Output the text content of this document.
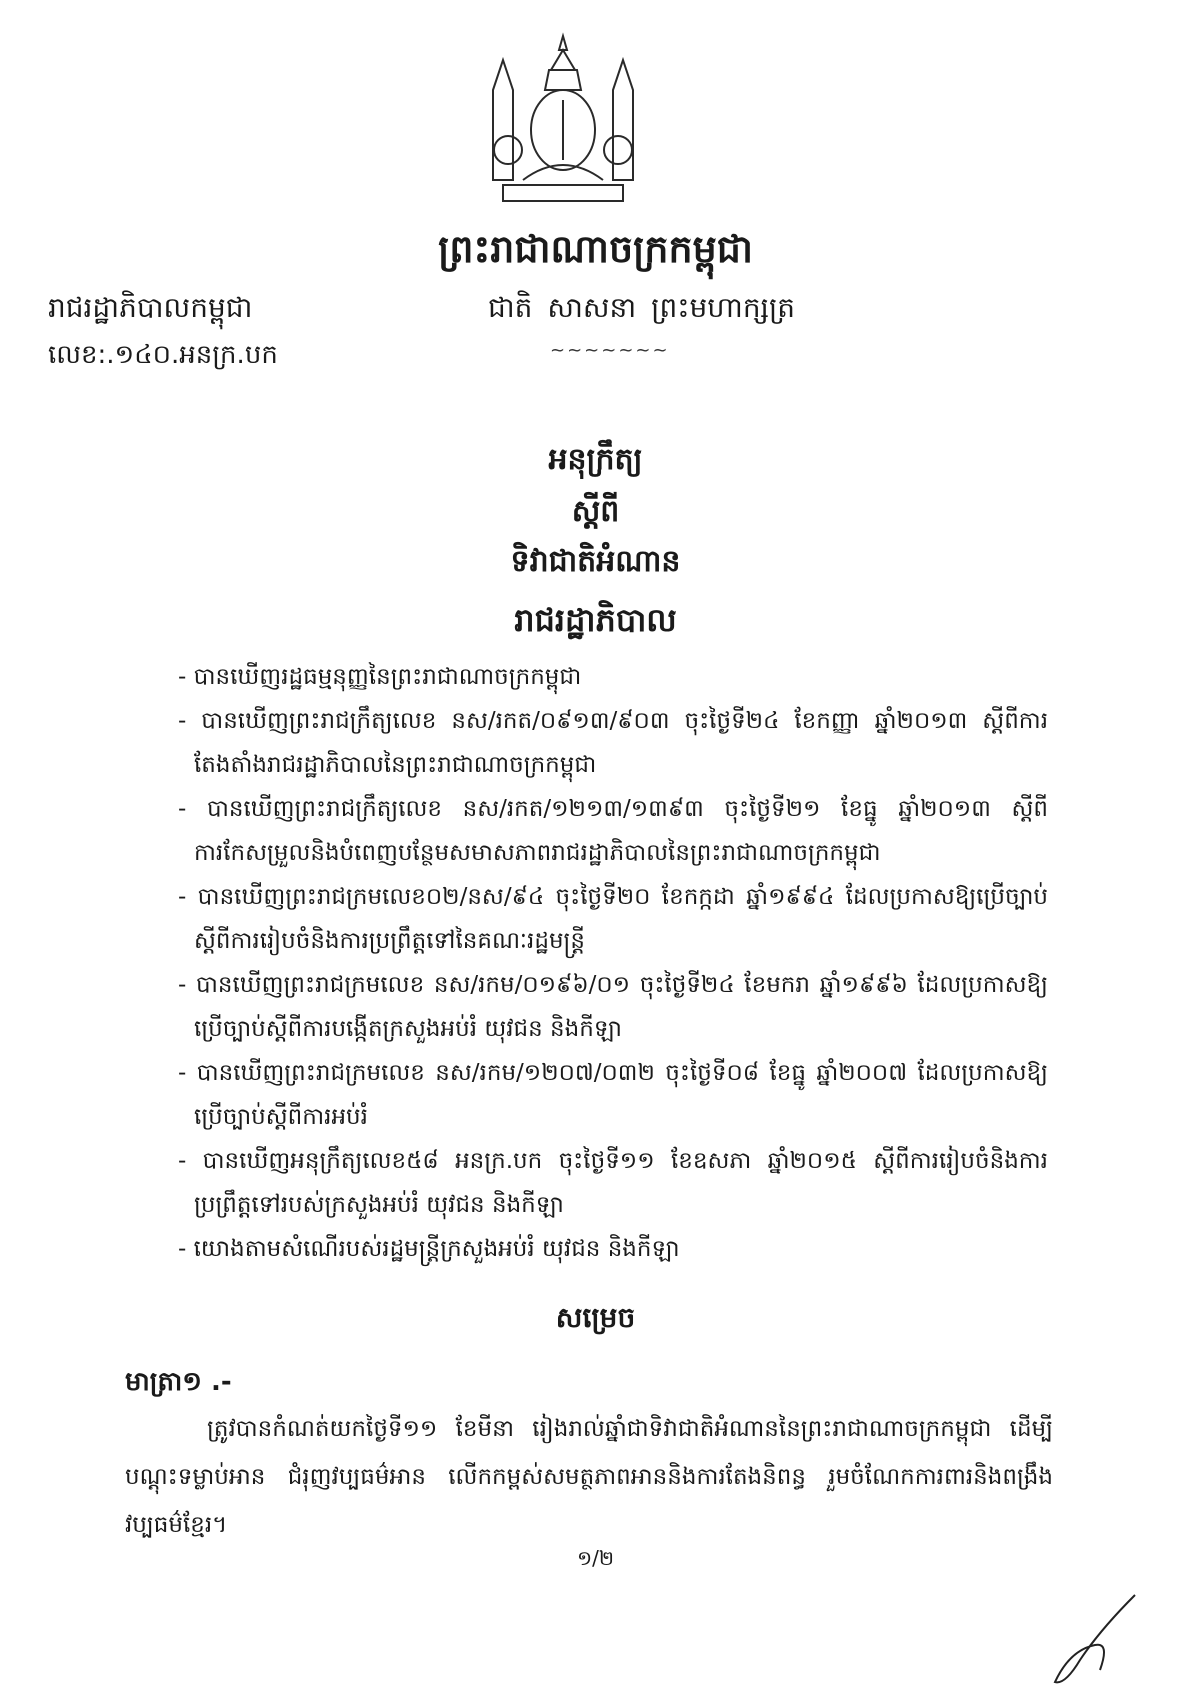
ព្រះរាជាណាចក្រកម្ពុជា
រាជរដ្ឋាភិបាលកម្ពុជា	ជាតិ សាសនា ព្រះមហាក្សត្រ
លេខ:.១៤០.អនក្រ.បក	~~~~~~~
អនុក្រឹត្យ
ស្តីពី
ទិវាជាតិអំណាន
រាជរដ្ឋាភិបាល
- បានឃើញរដ្ឋធម្មនុញ្ញនៃព្រះរាជាណាចក្រកម្ពុជា
- បានឃើញព្រះរាជក្រឹត្យលេខ នស/រកត/០៩១៣/៩០៣ ចុះថ្ងៃទី២៤ ខែកញ្ញា ឆ្នាំ២០១៣ ស្តីពីការតែងតាំងរាជរដ្ឋាភិបាលនៃព្រះរាជាណាចក្រកម្ពុជា
- បានឃើញព្រះរាជក្រឹត្យលេខ នស/រកត/១២១៣/១៣៩៣ ចុះថ្ងៃទី២១ ខែធ្នូ ឆ្នាំ២០១៣ ស្តីពីការកែសម្រួលនិងបំពេញបន្ថែមសមាសភាពរាជរដ្ឋាភិបាលនៃព្រះរាជាណាចក្រកម្ពុជា
- បានឃើញព្រះរាជក្រមលេខ០២/នស/៩៤ ចុះថ្ងៃទី២០ ខែកក្កដា ឆ្នាំ១៩៩៤ ដែលប្រកាសឱ្យប្រើច្បាប់ស្តីពីការរៀបចំនិងការប្រព្រឹត្តទៅនៃគណៈរដ្ឋមន្ត្រី
- បានឃើញព្រះរាជក្រមលេខ នស/រកម/០១៩៦/០១ ចុះថ្ងៃទី២៤ ខែមករា ឆ្នាំ១៩៩៦ ដែលប្រកាសឱ្យប្រើច្បាប់ស្តីពីការបង្កើតក្រសួងអប់រំ យុវជន និងកីឡា
- បានឃើញព្រះរាជក្រមលេខ នស/រកម/១២០៧/០៣២ ចុះថ្ងៃទី០៨ ខែធ្នូ ឆ្នាំ២០០៧ ដែលប្រកាសឱ្យប្រើច្បាប់ស្តីពីការអប់រំ
- បានឃើញអនុក្រឹត្យលេខ៥៨ អនក្រ.បក ចុះថ្ងៃទី១១ ខែឧសភា ឆ្នាំ២០១៥ ស្តីពីការរៀបចំនិងការប្រព្រឹត្តទៅរបស់ក្រសួងអប់រំ យុវជន និងកីឡា
- យោងតាមសំណើរបស់រដ្ឋមន្ត្រីក្រសួងអប់រំ យុវជន និងកីឡា
សម្រេច
មាត្រា១ .-

ត្រូវបានកំណត់យកថ្ងៃទី១១ ខែមីនា រៀងរាល់ឆ្នាំជាទិវាជាតិអំណាននៃព្រះរាជាណាចក្រកម្ពុជា ដើម្បីបណ្តុះទម្លាប់អាន ជំរុញវប្បធម៌អាន លើកកម្ពស់សមត្ថភាពអាននិងការតែងនិពន្ធ រួមចំណែកការពារនិងពង្រឹងវប្បធម៌ខ្មែរ។

១/២
